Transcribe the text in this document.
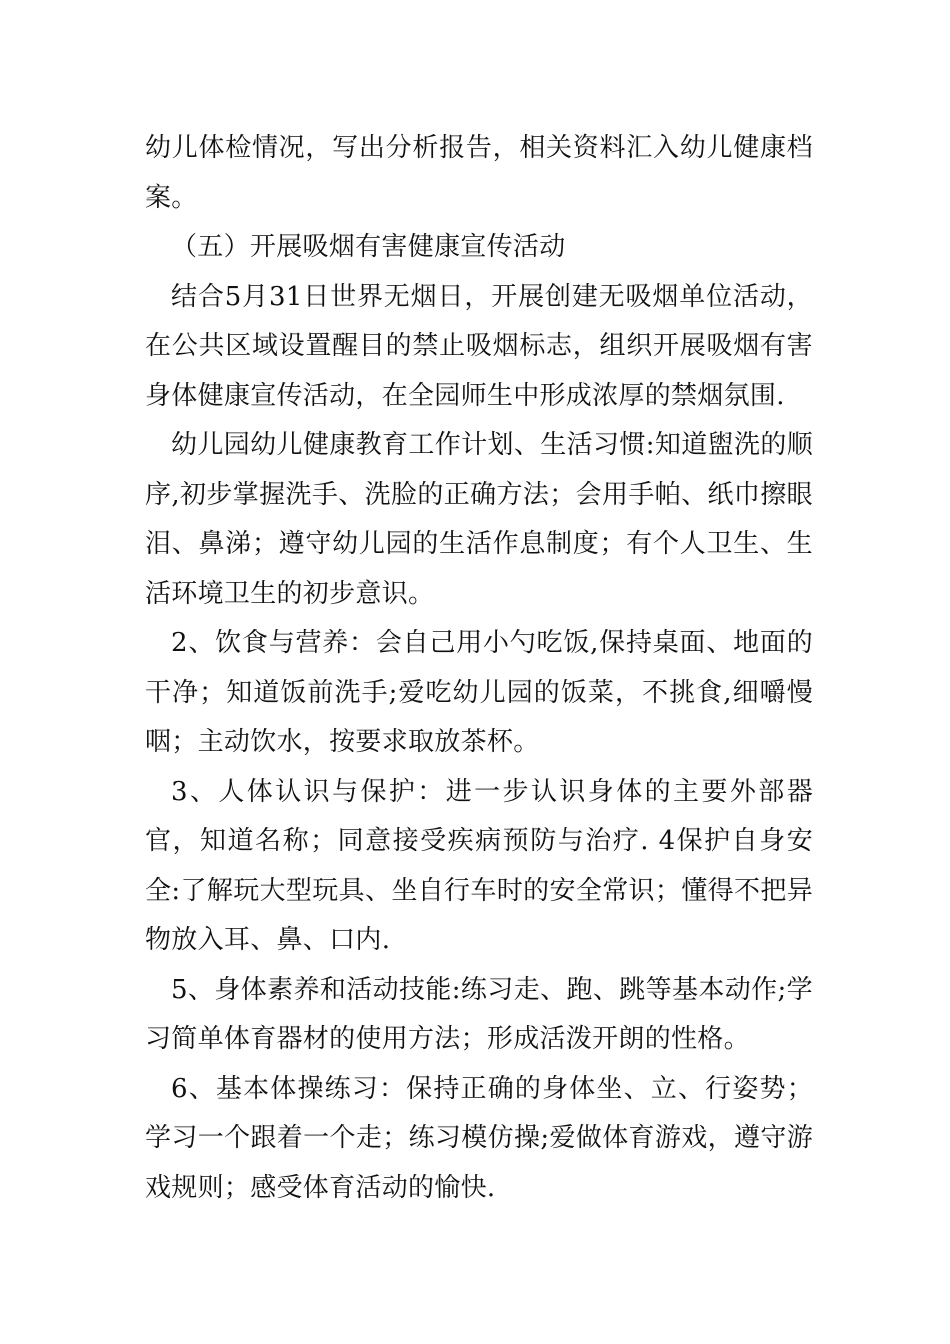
幼儿体检情况，写出分析报告，相关资料汇入幼儿健康档案。

（五）开展吸烟有害健康宣传活动

结合5月31日世界无烟日，开展创建无吸烟单位活动，在公共区域设置醒目的禁止吸烟标志，组织开展吸烟有害身体健康宣传活动，在全园师生中形成浓厚的禁烟氛围.

幼儿园幼儿健康教育工作计划、生活习惯:知道盥洗的顺序,初步掌握洗手、洗脸的正确方法；会用手帕、纸巾擦眼泪、鼻涕；遵守幼儿园的生活作息制度；有个人卫生、生活环境卫生的初步意识。

2、饮食与营养：会自己用小勺吃饭,保持桌面、地面的干净；知道饭前洗手;爱吃幼儿园的饭菜，不挑食,细嚼慢咽；主动饮水，按要求取放茶杯。

3、人体认识与保护：进一步认识身体的主要外部器官，知道名称；同意接受疾病预防与治疗. 4保护自身安全:了解玩大型玩具、坐自行车时的安全常识；懂得不把异物放入耳、鼻、口内.

5、身体素养和活动技能:练习走、跑、跳等基本动作;学习简单体育器材的使用方法；形成活泼开朗的性格。

6、基本体操练习：保持正确的身体坐、立、行姿势；学习一个跟着一个走；练习模仿操;爱做体育游戏，遵守游戏规则；感受体育活动的愉快.
